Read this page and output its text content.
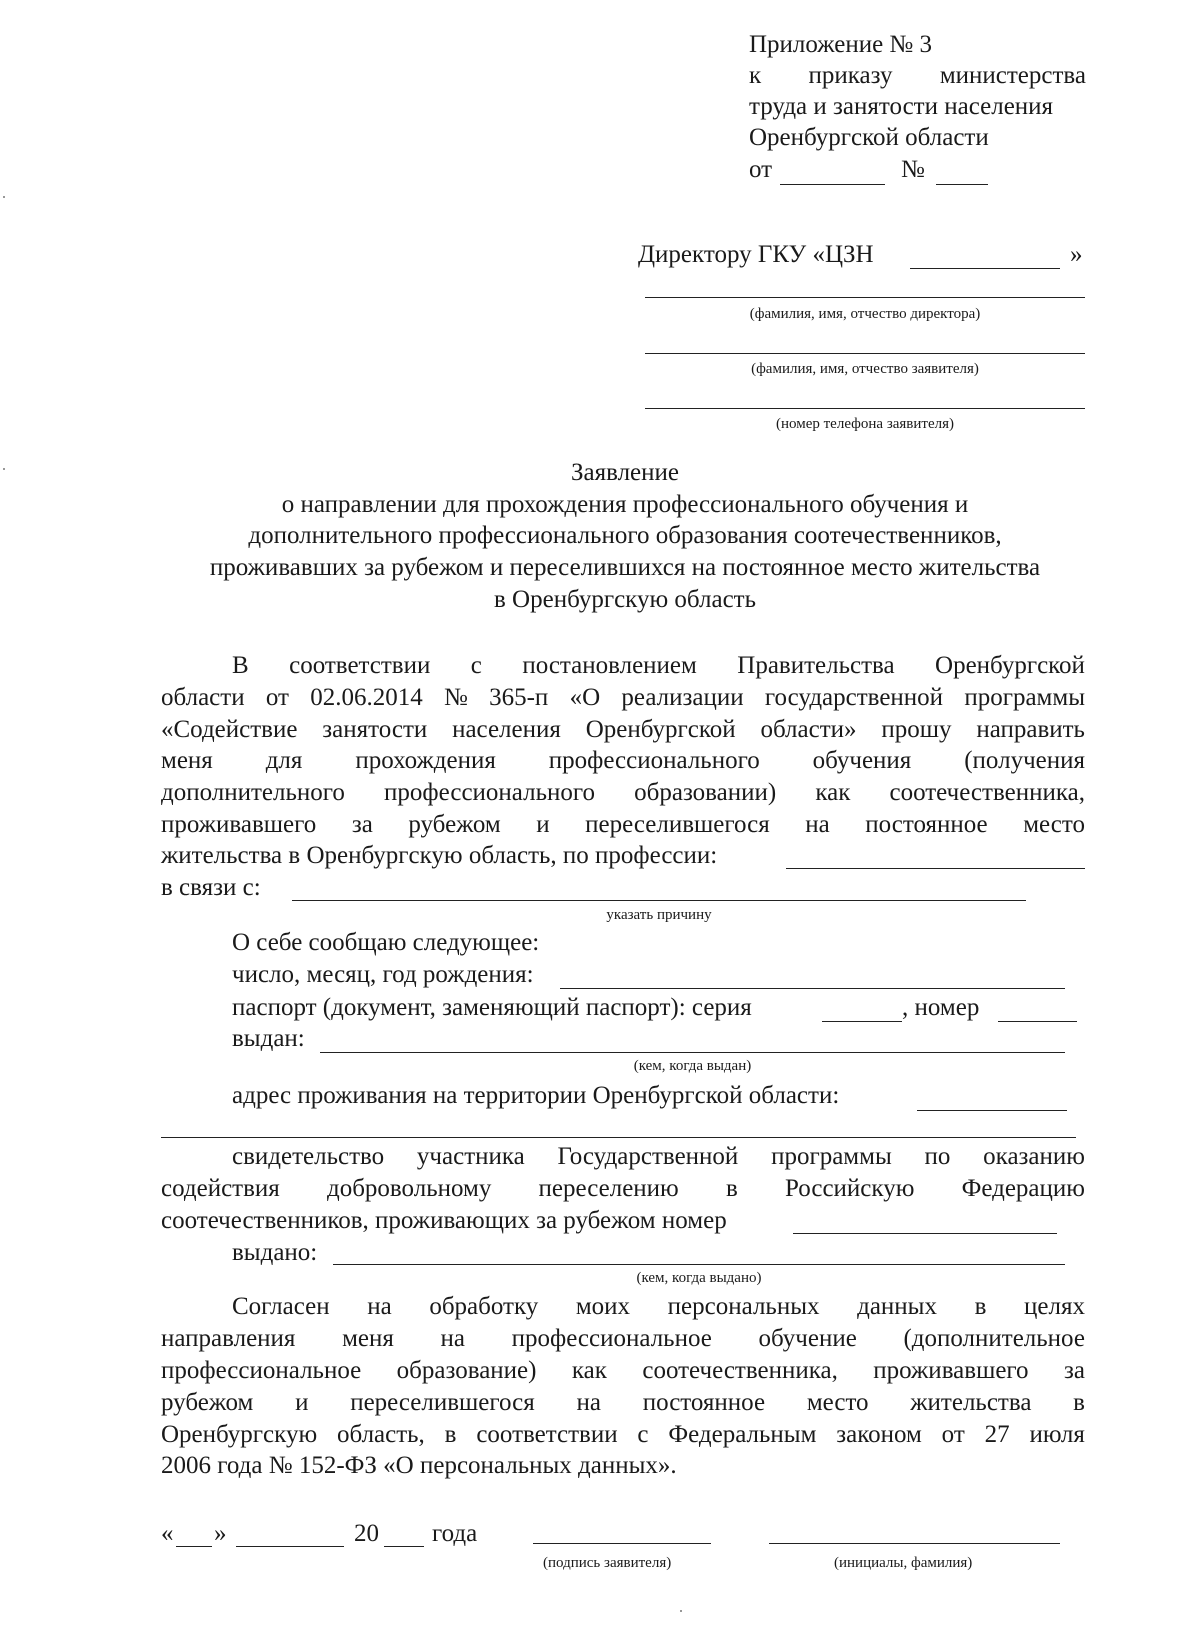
Приложение № 3
к приказу министерства
труда и занятости населения
Оренбургской области
от	№
Директору ГКУ «ЦЗН	»
(фамилия, имя, отчество директора)
(фамилия, имя, отчество заявителя)
(номер телефона заявителя)
Заявление
о направлении для прохождения профессионального обучения и
дополнительного профессионального образования соотечественников,
проживавших за рубежом и переселившихся на постоянное место жительства
в Оренбургскую область
В соответствии с постановлением Правительства Оренбургской
области от 02.06.2014 № 365-п «О реализации государственной программы
«Содействие занятости населения Оренбургской области» прошу направить
меня для прохождения профессионального обучения (получения
дополнительного профессионального образовании) как соотечественника,
проживавшего за рубежом и переселившегося на постоянное место
жительства в Оренбургскую область, по профессии:
в связи с:
указать причину
О себе сообщаю следующее:
число, месяц, год рождения:
паспорт (документ, заменяющий паспорт): серия	, номер
выдан:
(кем, когда выдан)
адрес проживания на территории Оренбургской области:
свидетельство участника Государственной программы по оказанию
содействия добровольному переселению в Российскую Федерацию
соотечественников, проживающих за рубежом номер
выдано:
(кем, когда выдано)
Согласен на обработку моих персональных данных в целях
направления меня на профессиональное обучение (дополнительное
профессиональное образование) как соотечественника, проживавшего за
рубежом и переселившегося на постоянное место жительства в
Оренбургскую область, в соответствии с Федеральным законом от 27 июля
2006 года № 152-ФЗ «О персональных данных».
« »	20 года
(подпись заявителя)	(инициалы, фамилия)
